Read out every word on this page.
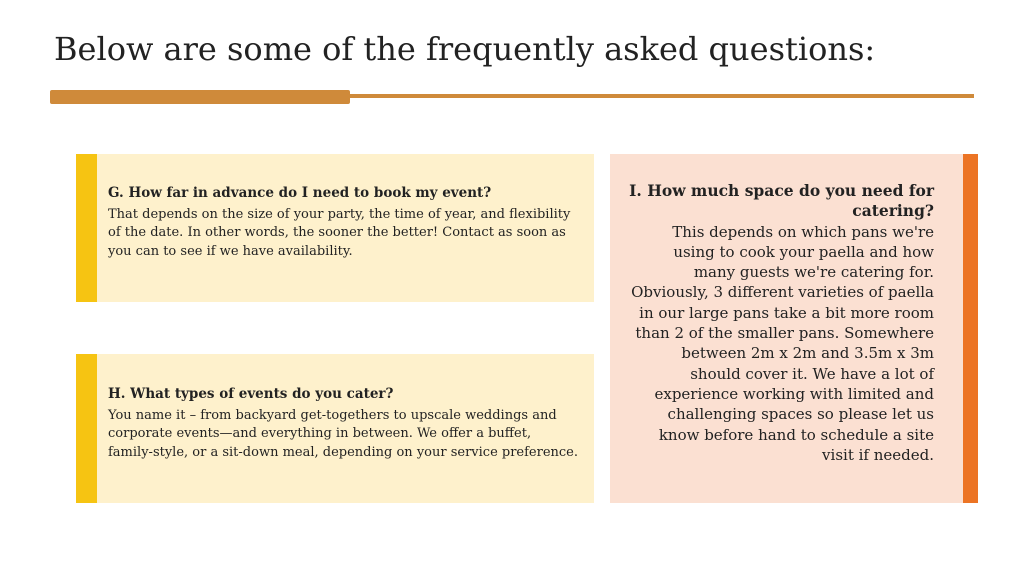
Below are some of the frequently asked questions:
G. How far in advance do I need to book my event?
That depends on the size of your party, the time of year, and flexibility of the date. In other words, the sooner the better! Contact as soon as you can to see if we have availability.
H. What types of events do you cater?
You name it – from backyard get-togethers to upscale weddings and corporate events—and everything in between. We offer a buffet, family-style, or a sit-down meal, depending on your service preference.
I. How much space do you need for catering?
This depends on which pans we're using to cook your paella and how many guests we're catering for. Obviously, 3 different varieties of paella in our large pans take a bit more room than 2 of the smaller pans. Somewhere between 2m x 2m and 3.5m x 3m should cover it. We have a lot of experience working with limited and challenging spaces so please let us know before hand to schedule a site visit if needed.
